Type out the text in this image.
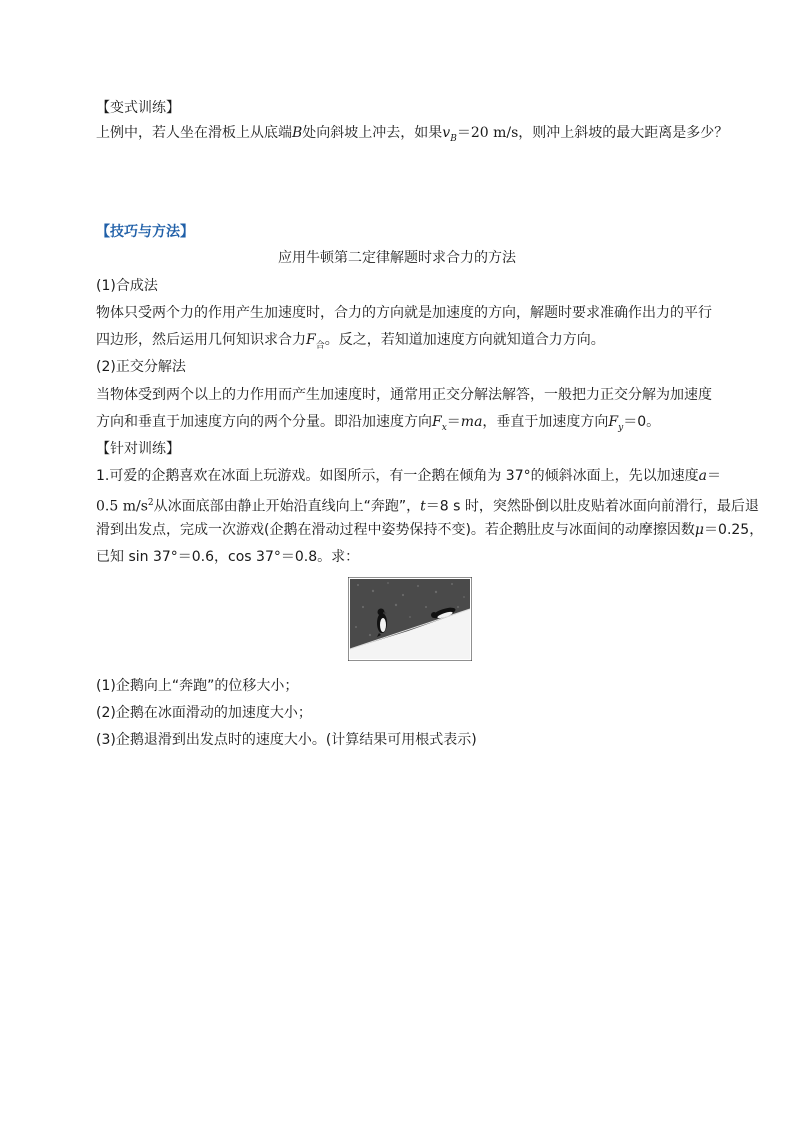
【变式训练】
上例中，若人坐在滑板上从底端B处向斜坡上冲去，如果$v_B=20$ m/s，则冲上斜坡的最大距离是多少？
【技巧与方法】
应用牛顿第二定律解题时求合力的方法
(1)合成法
物体只受两个力的作用产生加速度时，合力的方向就是加速度的方向，解题时要求准确作出力的平行
四边形，然后运用几何知识求合力$F_合$。反之，若知道加速度方向就知道合力方向。
(2)正交分解法
当物体受到两个以上的力作用而产生加速度时，通常用正交分解法解答，一般把力正交分解为加速度
方向和垂直于加速度方向的两个分量。即沿加速度方向$F_x=ma$，垂直于加速度方向$F_y=0$。
【针对训练】
1.可爱的企鹅喜欢在冰面上玩游戏。如图所示，有一企鹅在倾角为 37°的倾斜冰面上，先以加速度a＝
0.5 $m/s^2$从冰面底部由静止开始沿直线向上“奔跑”，t＝8 s 时，突然卧倒以肚皮贴着冰面向前滑行，最后退
滑到出发点，完成一次游戏(企鹅在滑动过程中姿势保持不变)。若企鹅肚皮与冰面间的动摩擦因数μ＝0.25，
已知 sin 37°＝0.6，cos 37°＝0.8。求：
(1)企鹅向上“奔跑”的位移大小；
(2)企鹅在冰面滑动的加速度大小；
(3)企鹅退滑到出发点时的速度大小。(计算结果可用根式表示)
